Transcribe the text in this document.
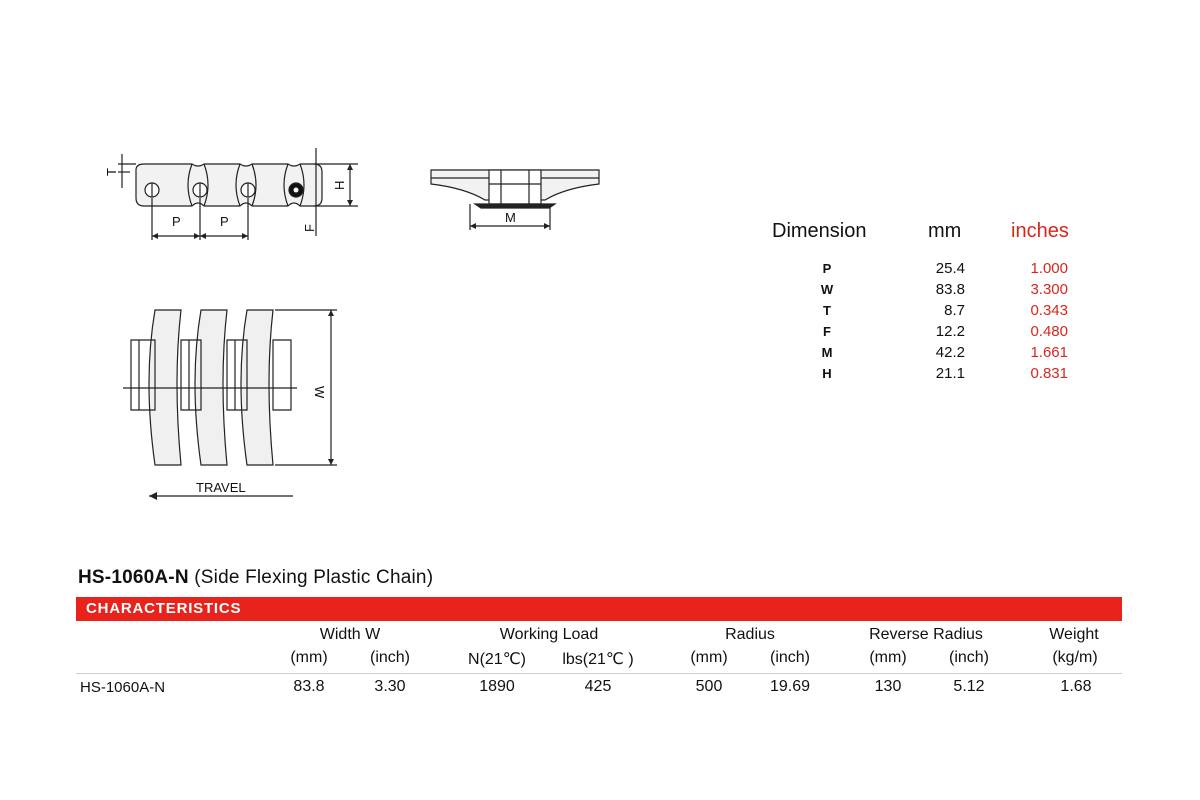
T
H
F
P	P	M
W
TRAVEL
Dimension	mm inches
P	25.4	1.000
W	83.8	3.300
T	8.7	0.343
F	12.2	0.480
M	42.2	1.661
H	21.1	0.831
HS-1060A-N (Side Flexing Plastic Chain)
CHARACTERISTICS
Width W	Working Load	Radius	Reverse Radius	Weight
(mm)	(inch)	N(21℃) lbs(21℃ )	(mm)	(inch)	(mm)	(inch)	(kg/m)
HS-1060A-N	83.8	3.30	1890	425	500	19.69	130	5.12	1.68
